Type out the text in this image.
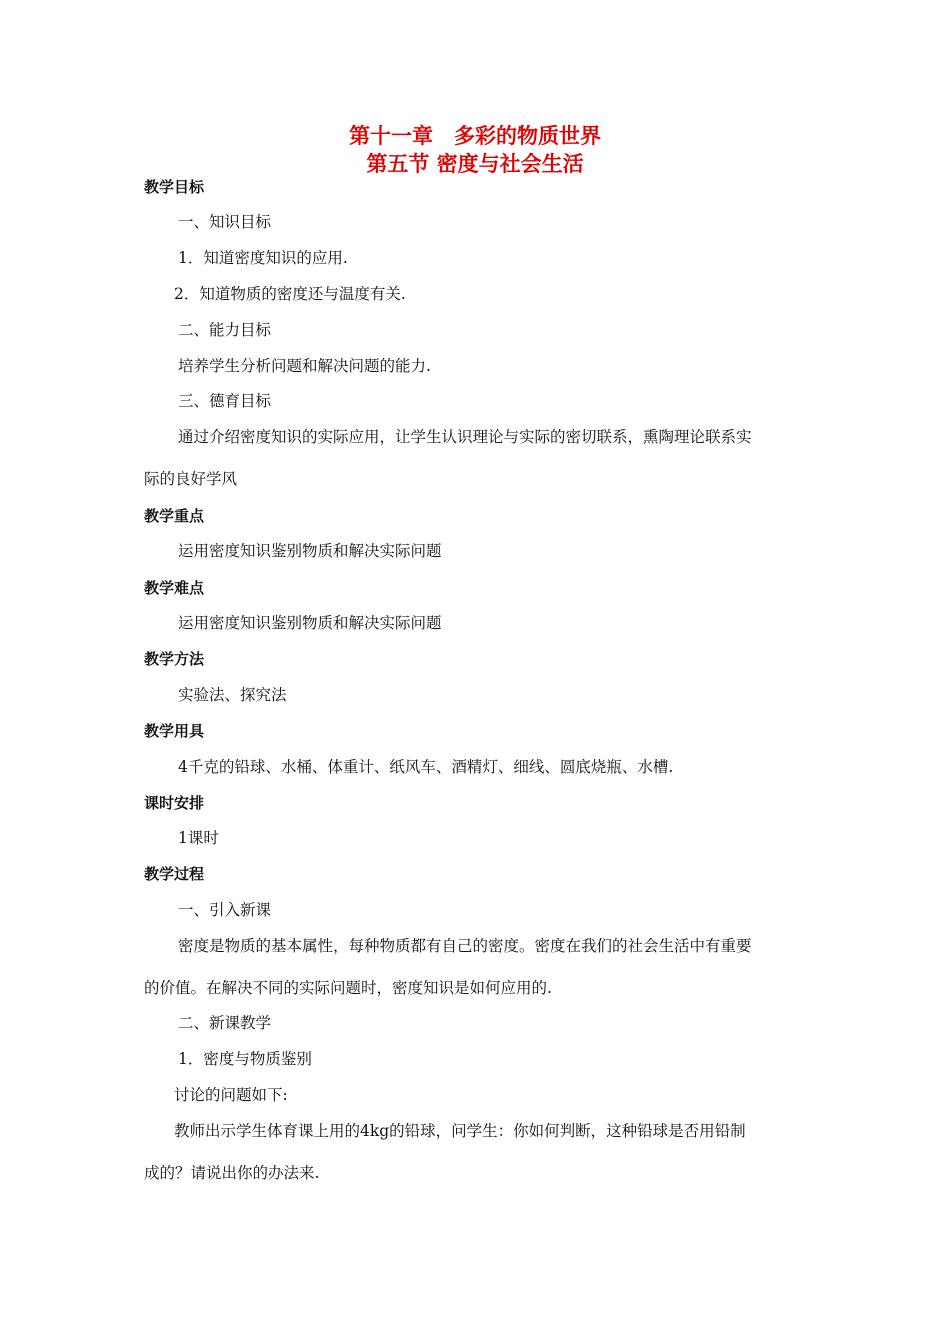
第十一章　多彩的物质世界
第五节 密度与社会生活
教学目标
一、知识目标
1．知道密度知识的应用.
2．知道物质的密度还与温度有关.
二、能力目标
培养学生分析问题和解决问题的能力.
三、德育目标
通过介绍密度知识的实际应用，让学生认识理论与实际的密切联系，熏陶理论联系实
际的良好学风
教学重点
运用密度知识鉴别物质和解决实际问题
教学难点
运用密度知识鉴别物质和解决实际问题
教学方法
实验法、探究法
教学用具
4千克的铅球、水桶、体重计、纸风车、酒精灯、细线、圆底烧瓶、水槽.
课时安排
1课时
教学过程
一、引入新课
密度是物质的基本属性，每种物质都有自己的密度。密度在我们的社会生活中有重要
的价值。在解决不同的实际问题时，密度知识是如何应用的.
二、新课教学
1．密度与物质鉴别
讨论的问题如下:
教师出示学生体育课上用的4kg的铅球，问学生：你如何判断，这种铅球是否用铅制
成的？请说出你的办法来.
